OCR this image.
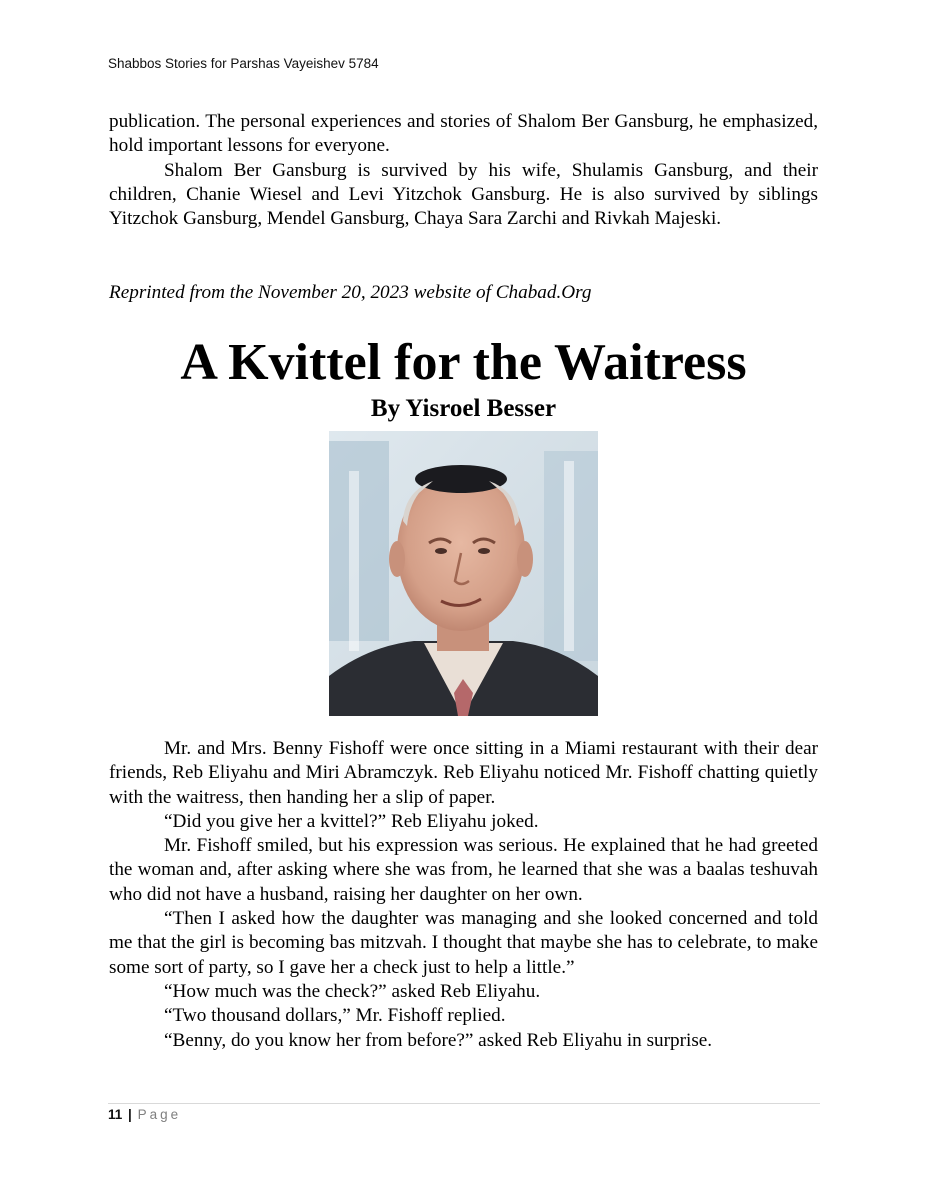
Shabbos Stories for Parshas Vayeishev 5784

publication. The personal experiences and stories of Shalom Ber Gansburg, he emphasized, hold important lessons for everyone.

Shalom Ber Gansburg is survived by his wife, Shulamis Gansburg, and their children, Chanie Wiesel and Levi Yitzchok Gansburg. He is also survived by siblings Yitzchok Gansburg, Mendel Gansburg, Chaya Sara Zarchi and Rivkah Majeski.

Reprinted from the November 20, 2023 website of Chabad.Org
A Kvittel for the Waitress
By Yisroel Besser

Mr. and Mrs. Benny Fishoff were once sitting in a Miami restaurant with their dear friends, Reb Eliyahu and Miri Abramczyk. Reb Eliyahu noticed Mr. Fishoff chatting quietly with the waitress, then handing her a slip of paper.

“Did you give her a kvittel?” Reb Eliyahu joked.

Mr. Fishoff smiled, but his expression was serious. He explained that he had greeted the woman and, after asking where she was from, he learned that she was a baalas teshuvah who did not have a husband, raising her daughter on her own.

“Then I asked how the daughter was managing and she looked concerned and told me that the girl is becoming bas mitzvah. I thought that maybe she has to celebrate, to make some sort of party, so I gave her a check just to help a little.”

“How much was the check?” asked Reb Eliyahu.

“Two thousand dollars,” Mr. Fishoff replied.

“Benny, do you know her from before?” asked Reb Eliyahu in surprise.

11 | Page
